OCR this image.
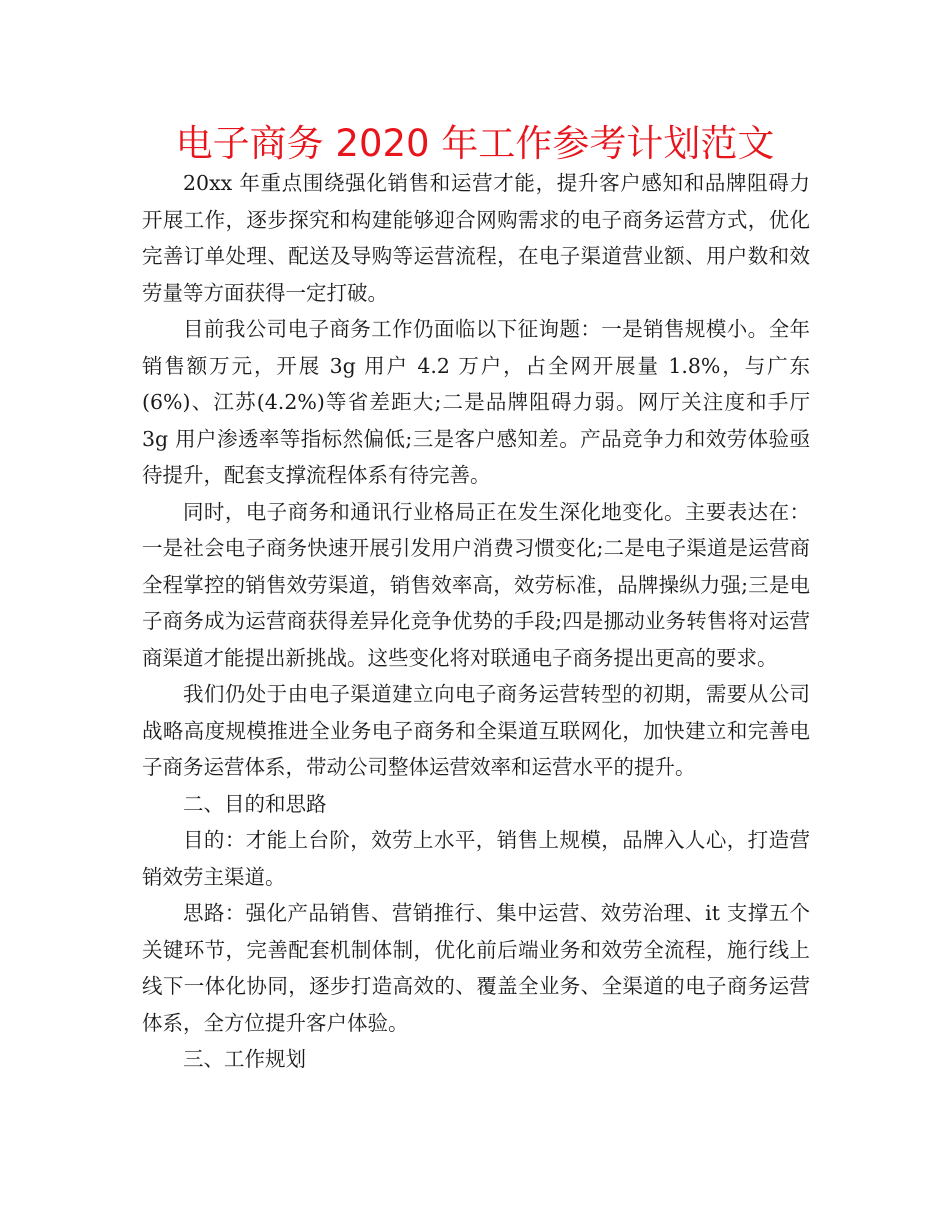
电子商务 2020 年工作参考计划范文

20xx 年重点围绕强化销售和运营才能，提升客户感知和品牌阻碍力开展工作，逐步探究和构建能够迎合网购需求的电子商务运营方式，优化完善订单处理、配送及导购等运营流程，在电子渠道营业额、用户数和效劳量等方面获得一定打破。

目前我公司电子商务工作仍面临以下征询题：一是销售规模小。全年销售额万元，开展 3g 用户 4.2 万户，占全网开展量 1.8%，与广东(6%)、江苏(4.2%)等省差距大;二是品牌阻碍力弱。网厅关注度和手厅 3g 用户渗透率等指标然偏低;三是客户感知差。产品竞争力和效劳体验亟待提升，配套支撑流程体系有待完善。

同时，电子商务和通讯行业格局正在发生深化地变化。主要表达在：一是社会电子商务快速开展引发用户消费习惯变化;二是电子渠道是运营商全程掌控的销售效劳渠道，销售效率高，效劳标准，品牌操纵力强;三是电子商务成为运营商获得差异化竞争优势的手段;四是挪动业务转售将对运营商渠道才能提出新挑战。这些变化将对联通电子商务提出更高的要求。

我们仍处于由电子渠道建立向电子商务运营转型的初期，需要从公司战略高度规模推进全业务电子商务和全渠道互联网化，加快建立和完善电子商务运营体系，带动公司整体运营效率和运营水平的提升。

二、目的和思路

目的：才能上台阶，效劳上水平，销售上规模，品牌入人心，打造营销效劳主渠道。

思路：强化产品销售、营销推行、集中运营、效劳治理、it 支撑五个关键环节，完善配套机制体制，优化前后端业务和效劳全流程，施行线上线下一体化协同，逐步打造高效的、覆盖全业务、全渠道的电子商务运营体系，全方位提升客户体验。

三、工作规划
